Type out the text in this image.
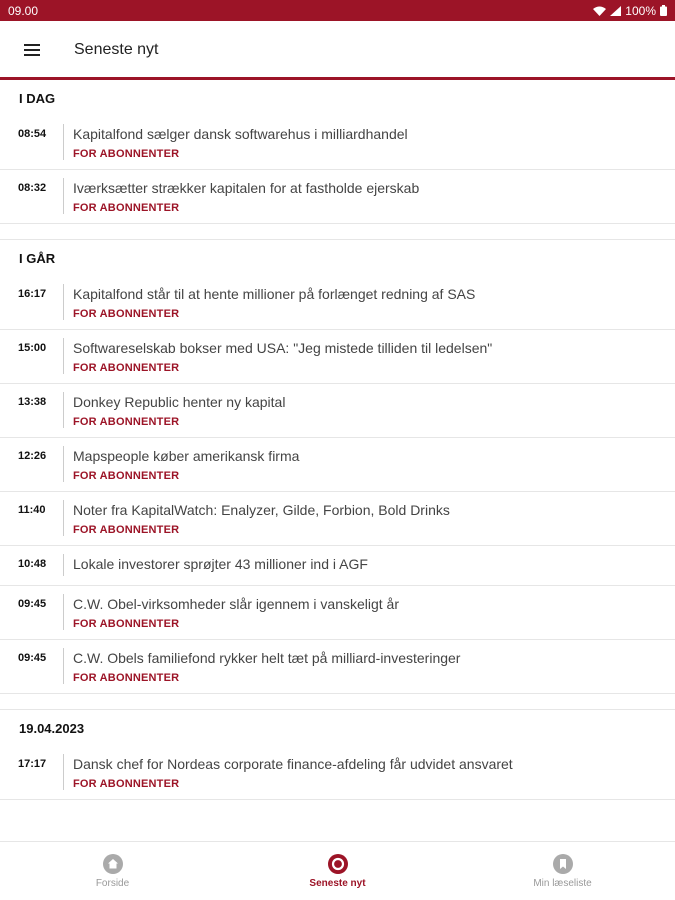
09.00	100%
Seneste nyt
I DAG
08:54	Kapitalfond sælger dansk softwarehus i milliardhandel
FOR ABONNENTER
08:32	Iværksætter strækker kapitalen for at fastholde ejerskab
FOR ABONNENTER
I GÅR
16:17	Kapitalfond står til at hente millioner på forlænget redning af SAS
FOR ABONNENTER
15:00	Softwareselskab bokser med USA: "Jeg mistede tilliden til ledelsen"
FOR ABONNENTER
13:38	Donkey Republic henter ny kapital
FOR ABONNENTER
12:26	Mapspeople køber amerikansk firma
FOR ABONNENTER
11:40	Noter fra KapitalWatch: Enalyzer, Gilde, Forbion, Bold Drinks
FOR ABONNENTER
10:48	Lokale investorer sprøjter 43 millioner ind i AGF
09:45	C.W. Obel-virksomheder slår igennem i vanskeligt år
FOR ABONNENTER
09:45	C.W. Obels familiefond rykker helt tæt på milliard-investeringer
FOR ABONNENTER
19.04.2023
17:17	Dansk chef for Nordeas corporate finance-afdeling får udvidet ansvaret
FOR ABONNENTER
Forside	Seneste nyt	Min læseliste
